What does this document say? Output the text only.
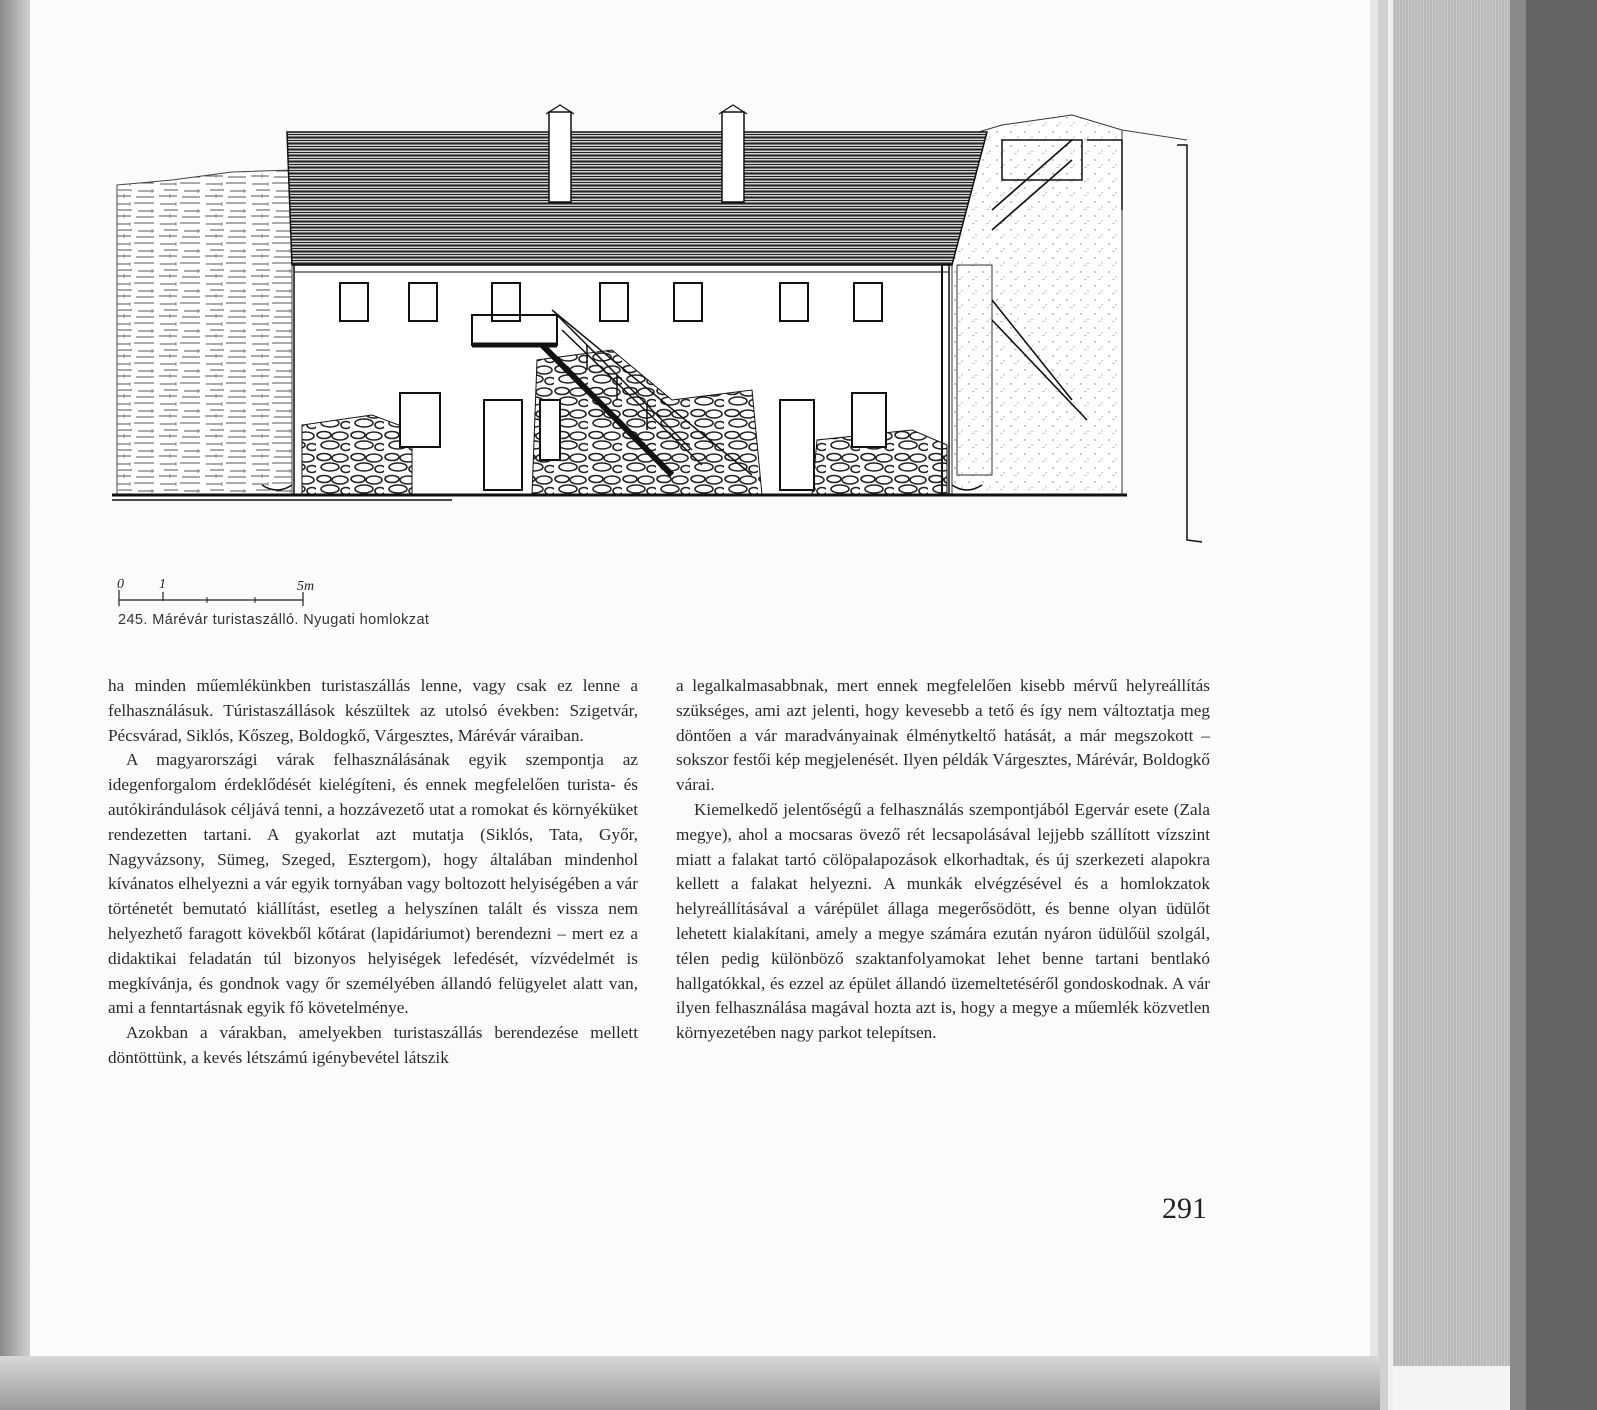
0	1	5m
245. Márévár turistaszálló. Nyugati homlokzat

ha minden műemlékünkben turistaszállás lenne, vagy csak ez lenne a felhasználásuk. Túristaszállások készültek az utolsó években: Szigetvár, Pécsvárad, Siklós, Kőszeg, Boldogkő, Várgesztes, Márévár váraiban.

A magyarországi várak felhasználásának egyik szempontja az idegenforgalom érdeklődését kielégíteni, és ennek megfelelően turista- és autókirándulások céljává tenni, a hozzávezető utat a romokat és környéküket rendezetten tartani. A gyakorlat azt mutatja (Siklós, Tata, Győr, Nagyvázsony, Sümeg, Szeged, Esztergom), hogy általában mindenhol kívánatos elhelyezni a vár egyik tornyában vagy boltozott helyiségében a vár történetét bemutató kiállítást, esetleg a helyszínen talált és vissza nem helyezhető faragott kövekből kőtárat (lapidáriumot) berendezni – mert ez a didaktikai feladatán túl bizonyos helyiségek lefedését, vízvédelmét is megkívánja, és gondnok vagy őr személyében állandó felügyelet alatt van, ami a fenntartásnak egyik fő követelménye.

Azokban a várakban, amelyekben turistaszállás berendezése mellett döntöttünk, a kevés létszámú igénybevétel látszik

a legalkalmasabbnak, mert ennek megfelelően kisebb mérvű helyreállítás szükséges, ami azt jelenti, hogy kevesebb a tető és így nem változtatja meg döntően a vár maradványainak élménytkeltő hatását, a már megszokott – sokszor festői kép megjelenését. Ilyen példák Várgesztes, Márévár, Boldogkő várai.

Kiemelkedő jelentőségű a felhasználás szempontjából Egervár esete (Zala megye), ahol a mocsaras övező rét lecsapolásával lejjebb szállított vízszint miatt a falakat tartó cölöpalapozások elkorhadtak, és új szerkezeti alapokra kellett a falakat helyezni. A munkák elvégzésével és a homlokzatok helyreállításával a várépület állaga megerősödött, és benne olyan üdülőt lehetett kialakítani, amely a megye számára ezután nyáron üdülőül szolgál, télen pedig különböző szaktanfolyamokat lehet benne tartani bentlakó hallgatókkal, és ezzel az épület állandó üzemeltetéséről gondoskodnak. A vár ilyen felhasználása magával hozta azt is, hogy a megye a műemlék közvetlen környezetében nagy parkot telepítsen.

291
